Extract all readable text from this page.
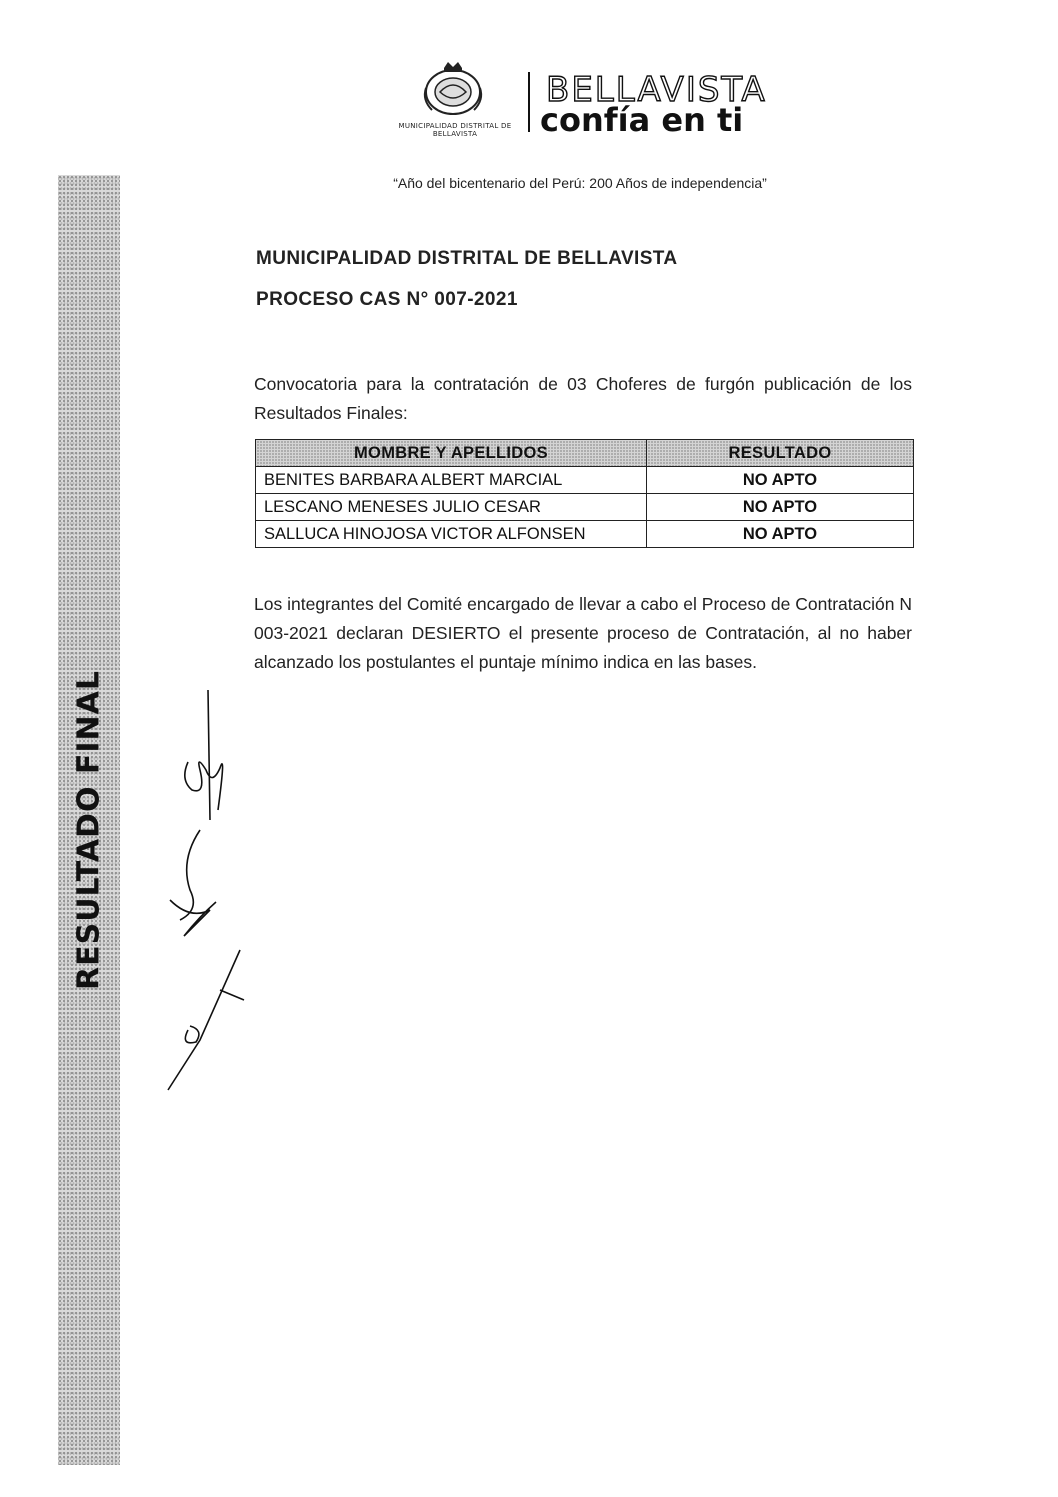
RESULTADO FINAL
MUNICIPALIDAD DISTRITAL DE BELLAVISTA
BELLAVISTA
confía en ti
“Año del bicentenario del Perú: 200 Años de independencia”
MUNICIPALIDAD DISTRITAL DE BELLAVISTA
PROCESO CAS N° 007-2021
Convocatoria para la contratación de 03 Choferes de furgón publicación de los Resultados Finales:
MOMBRE Y APELLIDOS	RESULTADO
BENITES BARBARA ALBERT MARCIAL	NO APTO
LESCANO MENESES JULIO CESAR	NO APTO
SALLUCA HINOJOSA VICTOR ALFONSEN	NO APTO
Los integrantes del Comité encargado de llevar a cabo el Proceso de Contratación N 003-2021 declaran DESIERTO el presente proceso de Contratación, al no haber alcanzado los postulantes el puntaje mínimo indica en las bases.
